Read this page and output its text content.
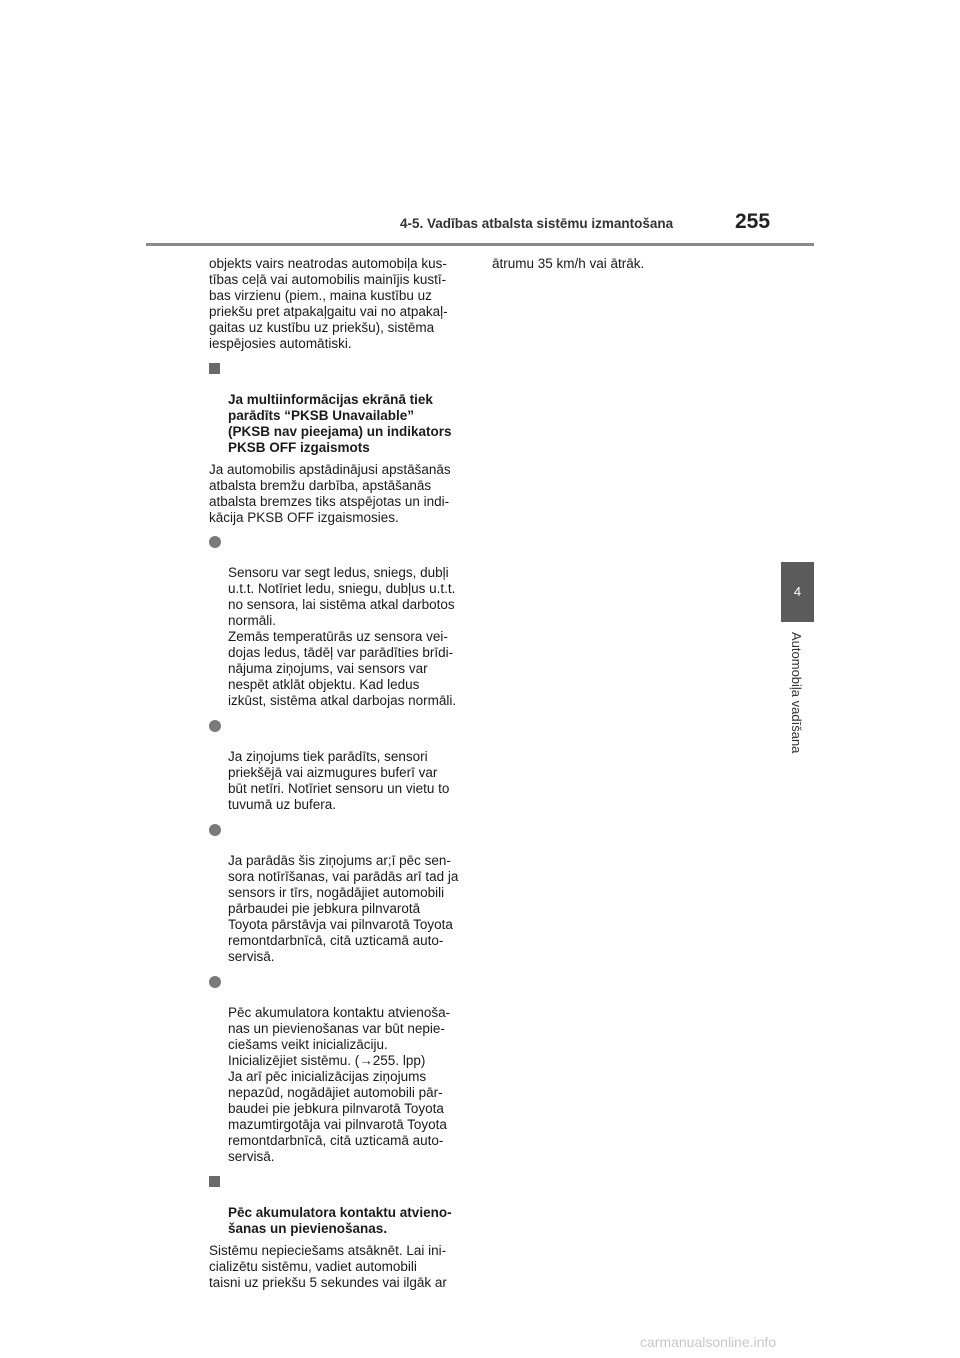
4-5. Vadības atbalsta sistēmu izmantošana	255
4
Automobiļa vadīšana

objekts vairs neatrodas automobiļa kus-
tības ceļā vai automobilis mainījis kustī-
bas virzienu (piem., maina kustību uz
priekšu pret atpakaļgaitu vai no atpakaļ-
gaitas uz kustību uz priekšu), sistēma
iespējosies automātiski.

Ja multiinformācijas ekrānā tiek
parādīts “PKSB Unavailable”
(PKSB nav pieejama) un indikators
PKSB OFF izgaismots

Ja automobilis apstādinājusi apstāšanās
atbalsta bremžu darbība, apstāšanās
atbalsta bremzes tiks atspējotas un indi-
kācija PKSB OFF izgaismosies.

Sensoru var segt ledus, sniegs, dubļi
u.t.t. Notīriet ledu, sniegu, dubļus u.t.t.
no sensora, lai sistēma atkal darbotos
normāli.
Zemās temperatūrās uz sensora vei-
dojas ledus, tādēļ var parādīties brīdi-
nājuma ziņojums, vai sensors var
nespēt atklāt objektu. Kad ledus
izkūst, sistēma atkal darbojas normāli.

Ja ziņojums tiek parādīts, sensori
priekšējā vai aizmugures buferī var
būt netīri. Notīriet sensoru un vietu to
tuvumā uz bufera.

Ja parādās šis ziņojums ar;ī pēc sen-
sora notīrīšanas, vai parādās arī tad ja
sensors ir tīrs, nogādājiet automobili
pārbaudei pie jebkura pilnvarotā
Toyota pārstāvja vai pilnvarotā Toyota
remontdarbnīcā, citā uzticamā auto-
servisā.

Pēc akumulatora kontaktu atvienoša-
nas un pievienošanas var būt nepie-
ciešams veikt inicializāciju.
Inicializējiet sistēmu. (→255. lpp)
Ja arī pēc inicializācijas ziņojums
nepazūd, nogādājiet automobili pār-
baudei pie jebkura pilnvarotā Toyota
mazumtirgotāja vai pilnvarotā Toyota
remontdarbnīcā, citā uzticamā auto-
servisā.

Pēc akumulatora kontaktu atvieno-
šanas un pievienošanas.

Sistēmu nepieciešams atsāknēt. Lai ini-
cializētu sistēmu, vadiet automobili
taisni uz priekšu 5 sekundes vai ilgāk ar

ātrumu 35 km/h vai ātrāk.

carmanualsonline.info
